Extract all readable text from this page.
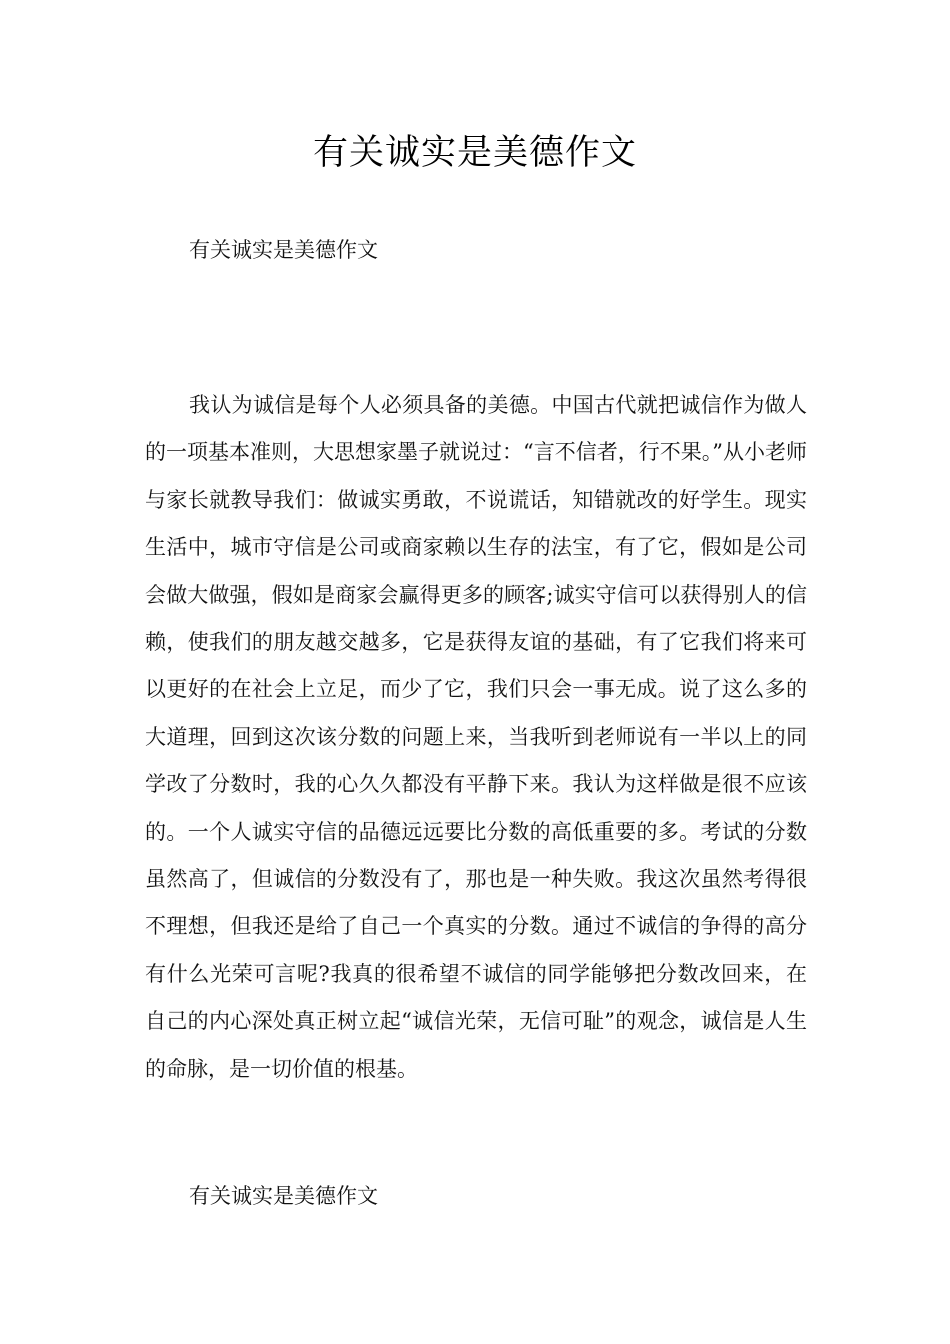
有关诚实是美德作文
有关诚实是美德作文

我认为诚信是每个人必须具备的美德。中国古代就把诚信作为做人的一项基本准则，大思想家墨子就说过：“言不信者，行不果。”从小老师与家长就教导我们：做诚实勇敢，不说谎话，知错就改的好学生。现实生活中，城市守信是公司或商家赖以生存的法宝，有了它，假如是公司会做大做强，假如是商家会赢得更多的顾客;诚实守信可以获得别人的信赖，使我们的朋友越交越多，它是获得友谊的基础，有了它我们将来可以更好的在社会上立足，而少了它，我们只会一事无成。说了这么多的大道理，回到这次该分数的问题上来，当我听到老师说有一半以上的同学改了分数时，我的心久久都没有平静下来。我认为这样做是很不应该的。一个人诚实守信的品德远远要比分数的高低重要的多。考试的分数虽然高了，但诚信的分数没有了，那也是一种失败。我这次虽然考得很不理想，但我还是给了自己一个真实的分数。通过不诚信的争得的高分有什么光荣可言呢?我真的很希望不诚信的同学能够把分数改回来，在自己的内心深处真正树立起“诚信光荣，无信可耻”的观念，诚信是人生的命脉，是一切价值的根基。

有关诚实是美德作文
